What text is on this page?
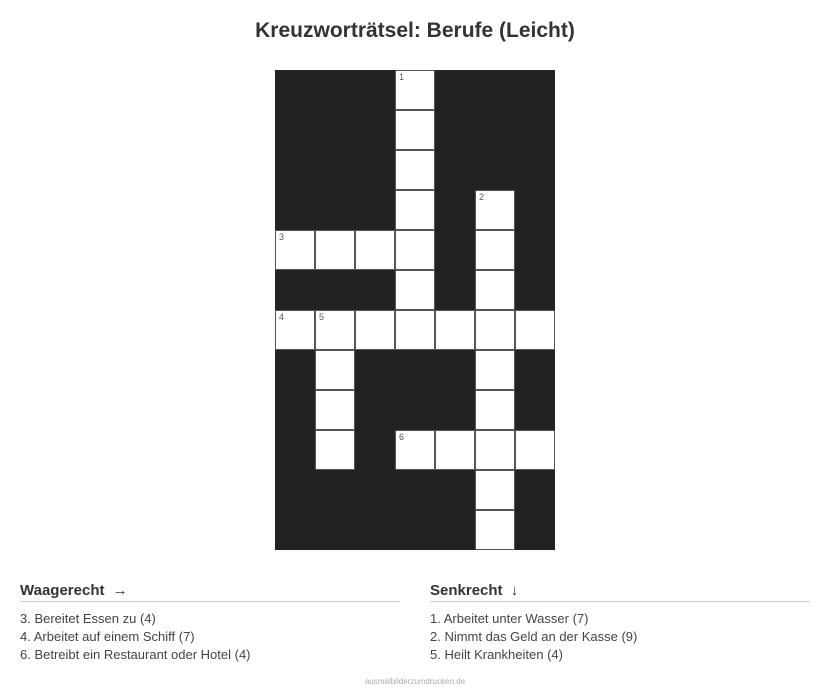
Kreuzworträtsel: Berufe (Leicht)
1
2
3
4	5
6
Waagerecht →
3. Bereitet Essen zu (4)
4. Arbeitet auf einem Schiff (7)
6. Betreibt ein Restaurant oder Hotel (4)
Senkrecht ↓
1. Arbeitet unter Wasser (7)
2. Nimmt das Geld an der Kasse (9)
5. Heilt Krankheiten (4)
ausmalbilderzumdrucken.de
